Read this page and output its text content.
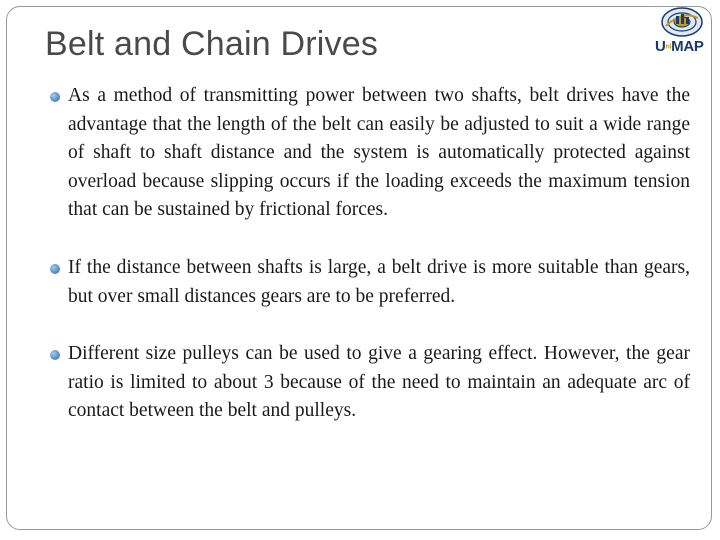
Belt and Chain Drives	UniMAP

As a method of transmitting power between two shafts, belt drives have the advantage that the length of the belt can easily be adjusted to suit a wide range of shaft to shaft distance and the system is automatically protected against overload because slipping occurs if the loading exceeds the maximum tension that can be sustained by frictional forces.

If the distance between shafts is large, a belt drive is more suitable than gears, but over small distances gears are to be preferred.

Different size pulleys can be used to give a gearing effect. However, the gear ratio is limited to about 3 because of the need to maintain an adequate arc of contact between the belt and pulleys.
